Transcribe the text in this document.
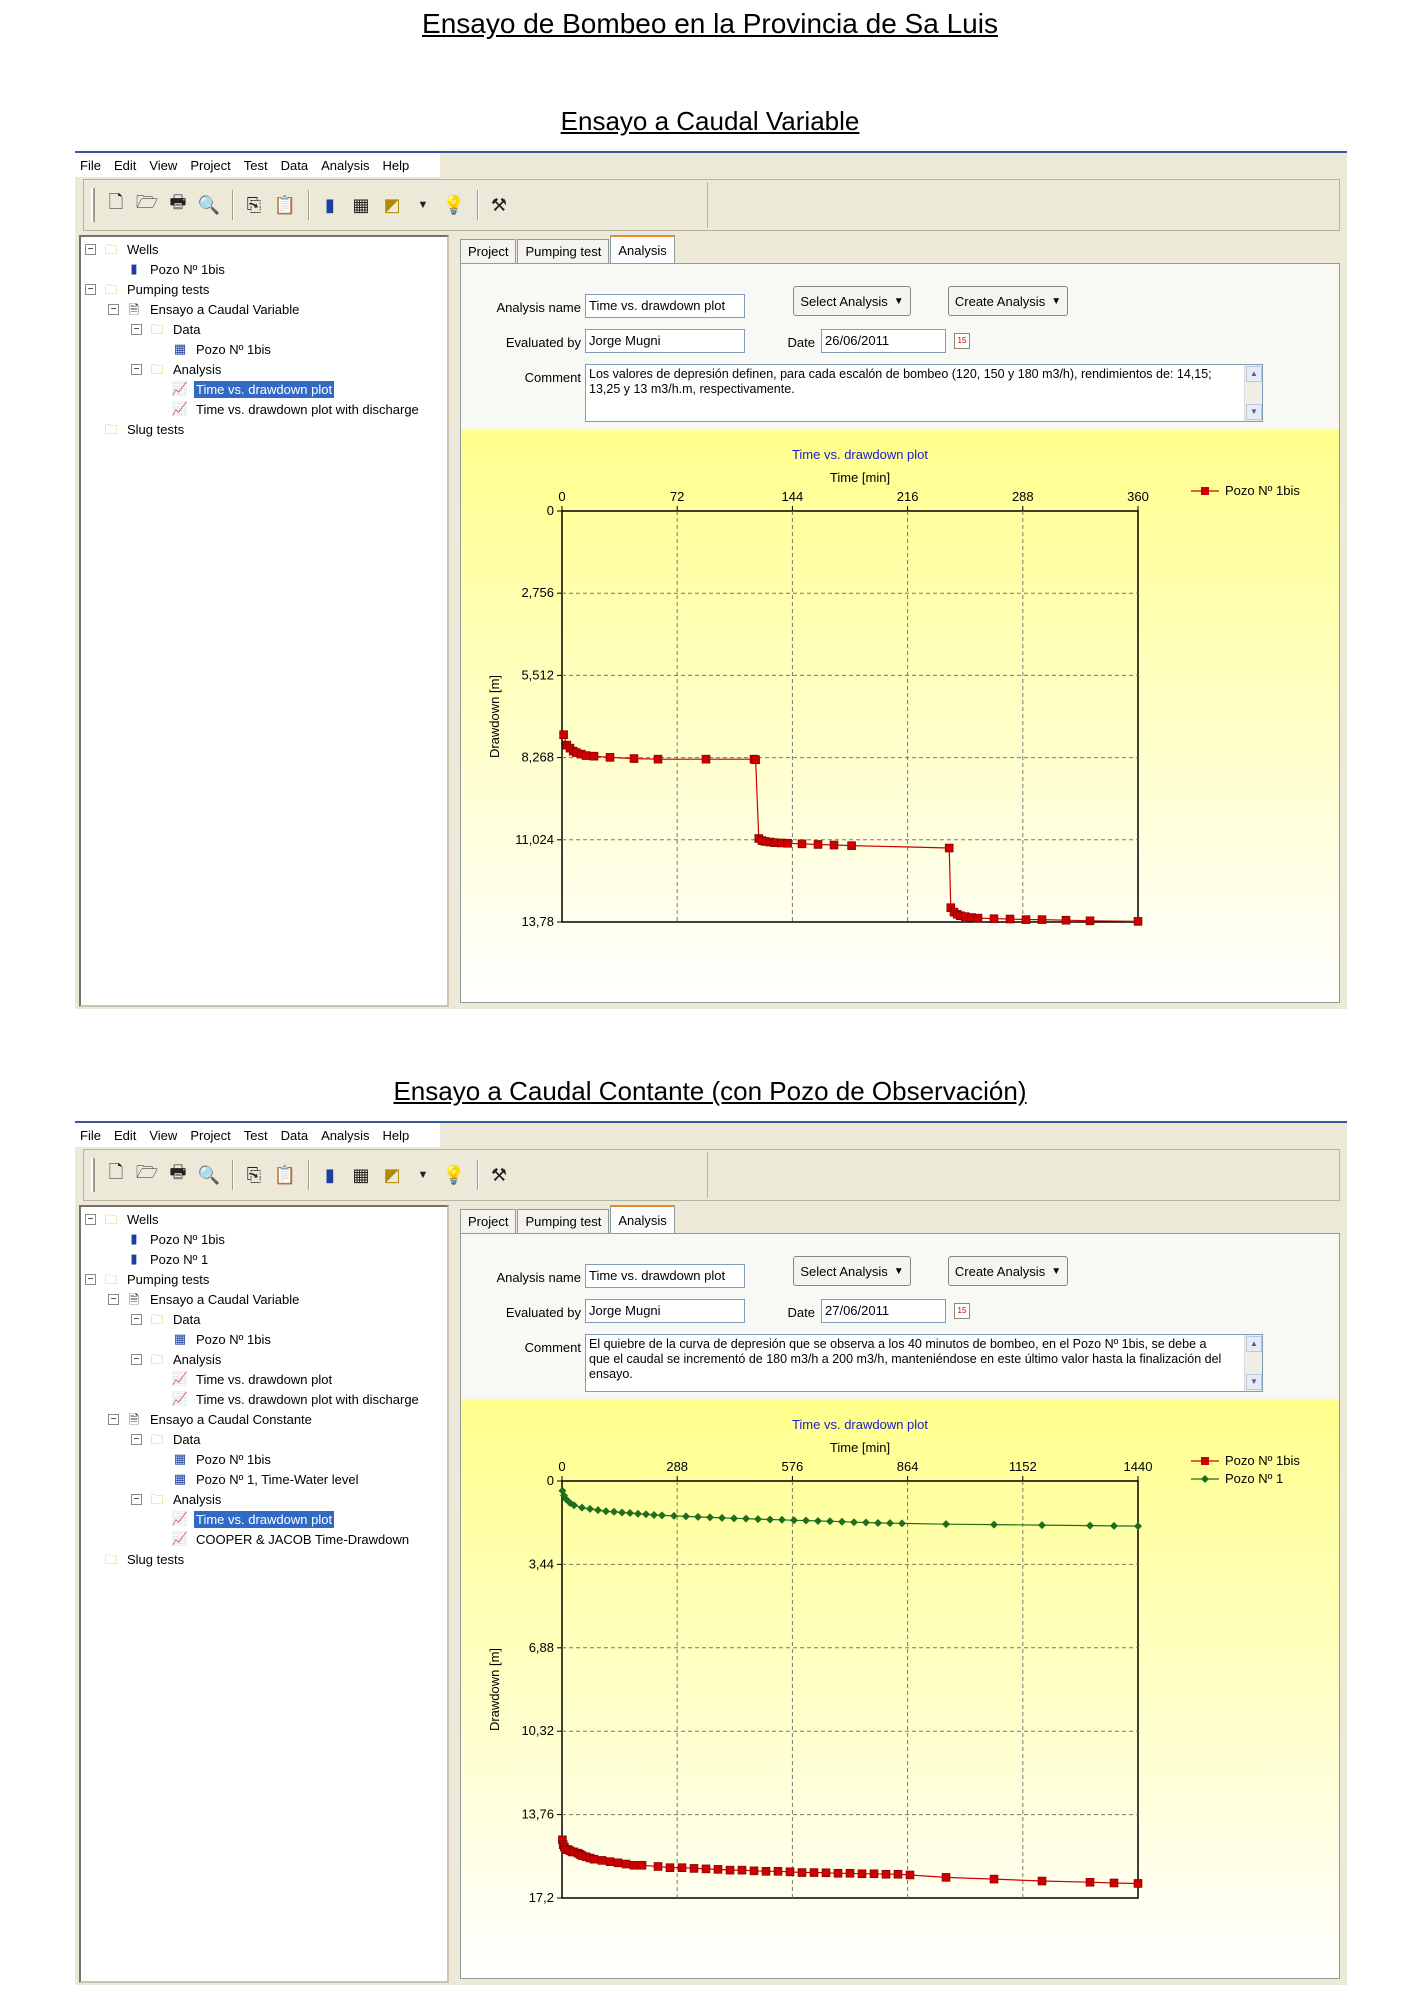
Ensayo de Bombeo en la Provincia de Sa Luis
Ensayo a Caudal Variable
File Edit View Project Test Data Analysis Help
🗋 🗁 🖶 🔍	⎘ 📋	▮ ▦ ◩	▼ 💡	⚒
− 🗀 Wells
▮ Pozo Nº 1bis
− 🗀 Pumping tests
− 🗎 Ensayo a Caudal Variable
− 🗀 Data
▦ Pozo Nº 1bis
− 🗀 Analysis
📈 Time vs. drawdown plot
📈 Time vs. drawdown plot with discharge
🗀 Slug tests
Project	Pumping test	Analysis
Analysis name Time vs. drawdown plot
Evaluated by Jorge Mugni
Select Analysis ▼	Create Analysis ▼
Date 26/06/2011	15
Comment Los valores de depresión definen, para cada escalón de bombeo (120, 150 y 180 m3/h), rendimientos de: 14,15; 13,25 y 13 m3/h.m, respectivamente.
▲
▼
Time vs. drawdown plot
Time [min]
Drawdown [m]
0	72	144	216	288	360
0
2,756
5,512
8,268
11,024
13,78
Pozo Nº 1bis
Ensayo a Caudal Contante (con Pozo de Observación)
File Edit View Project Test Data Analysis Help
🗋 🗁 🖶 🔍	⎘ 📋	▮ ▦ ◩	▼ 💡	⚒
− 🗀 Wells
▮ Pozo Nº 1bis
▮ Pozo Nº 1
− 🗀 Pumping tests
− 🗎 Ensayo a Caudal Variable
− 🗀 Data
▦ Pozo Nº 1bis
− 🗀 Analysis
📈 Time vs. drawdown plot
📈 Time vs. drawdown plot with discharge
− 🗎 Ensayo a Caudal Constante
− 🗀 Data
▦ Pozo Nº 1bis
▦ Pozo Nº 1, Time-Water level
− 🗀 Analysis
📈 Time vs. drawdown plot
📈 COOPER & JACOB Time-Drawdown
🗀 Slug tests
Project	Pumping test	Analysis
Analysis name Time vs. drawdown plot
Evaluated by Jorge Mugni
Select Analysis ▼	Create Analysis ▼
Date 27/06/2011	15
Comment El quiebre de la curva de depresión que se observa a los 40 minutos de bombeo, en el Pozo Nº 1bis, se debe a que el caudal se incrementó de 180 m3/h a 200 m3/h, manteniéndose en este último valor hasta la finalización del ensayo.
▲
▼
Time vs. drawdown plot
Time [min]
Drawdown [m]
0	288	576	864	1152	1440
0
3,44
6,88
10,32
13,76
17,2
Pozo Nº 1bis
Pozo Nº 1
